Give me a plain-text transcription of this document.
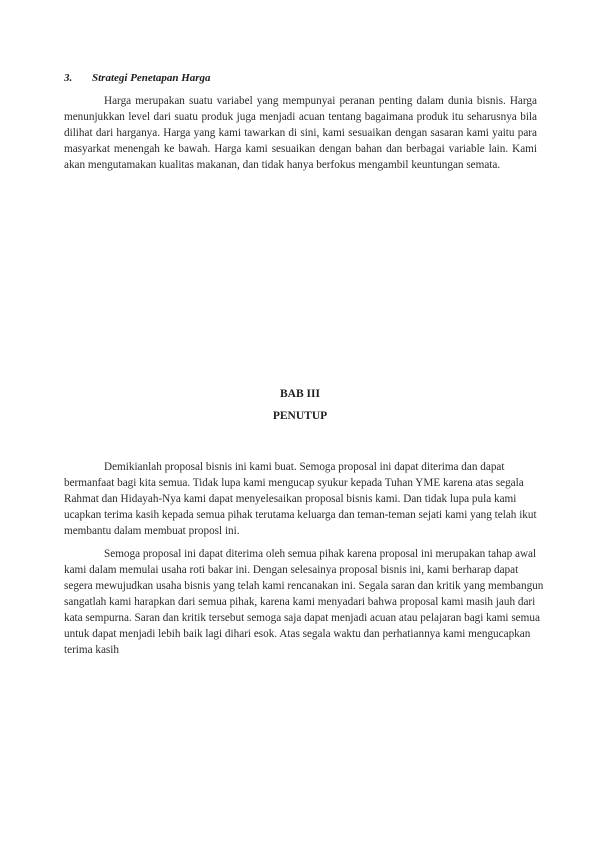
3. Strategi Penetapan Harga

Harga merupakan suatu variabel yang mempunyai peranan penting dalam dunia bisnis. Harga menunjukkan level dari suatu produk juga menjadi acuan tentang bagaimana produk itu seharusnya bila dilihat dari harganya. Harga yang kami tawarkan di sini, kami sesuaikan dengan sasaran kami yaitu para masyarkat menengah ke bawah. Harga kami sesuaikan dengan bahan dan berbagai variable lain. Kami akan mengutamakan kualitas makanan, dan tidak hanya berfokus mengambil keuntungan semata.

BAB III
PENUTUP

Demikianlah proposal bisnis ini kami buat. Semoga proposal ini dapat diterima dan dapat bermanfaat bagi kita semua. Tidak lupa kami mengucap syukur kepada Tuhan YME karena atas segala Rahmat dan Hidayah-Nya kami dapat menyelesaikan proposal bisnis kami. Dan tidak lupa pula kami ucapkan terima kasih kepada semua pihak terutama keluarga dan teman-teman sejati kami yang telah ikut membantu dalam membuat proposl ini.

Semoga proposal ini dapat diterima oleh semua pihak karena proposal ini merupakan tahap awal kami dalam memulai usaha roti bakar ini. Dengan selesainya proposal bisnis ini, kami berharap dapat segera mewujudkan usaha bisnis yang telah kami rencanakan ini. Segala saran dan kritik yang membangun sangatlah kami harapkan dari semua pihak, karena kami menyadari bahwa proposal kami masih jauh dari kata sempurna. Saran dan kritik tersebut semoga saja dapat menjadi acuan atau pelajaran bagi kami semua untuk dapat menjadi lebih baik lagi dihari esok. Atas segala waktu dan perhatiannya kami mengucapkan terima kasih
